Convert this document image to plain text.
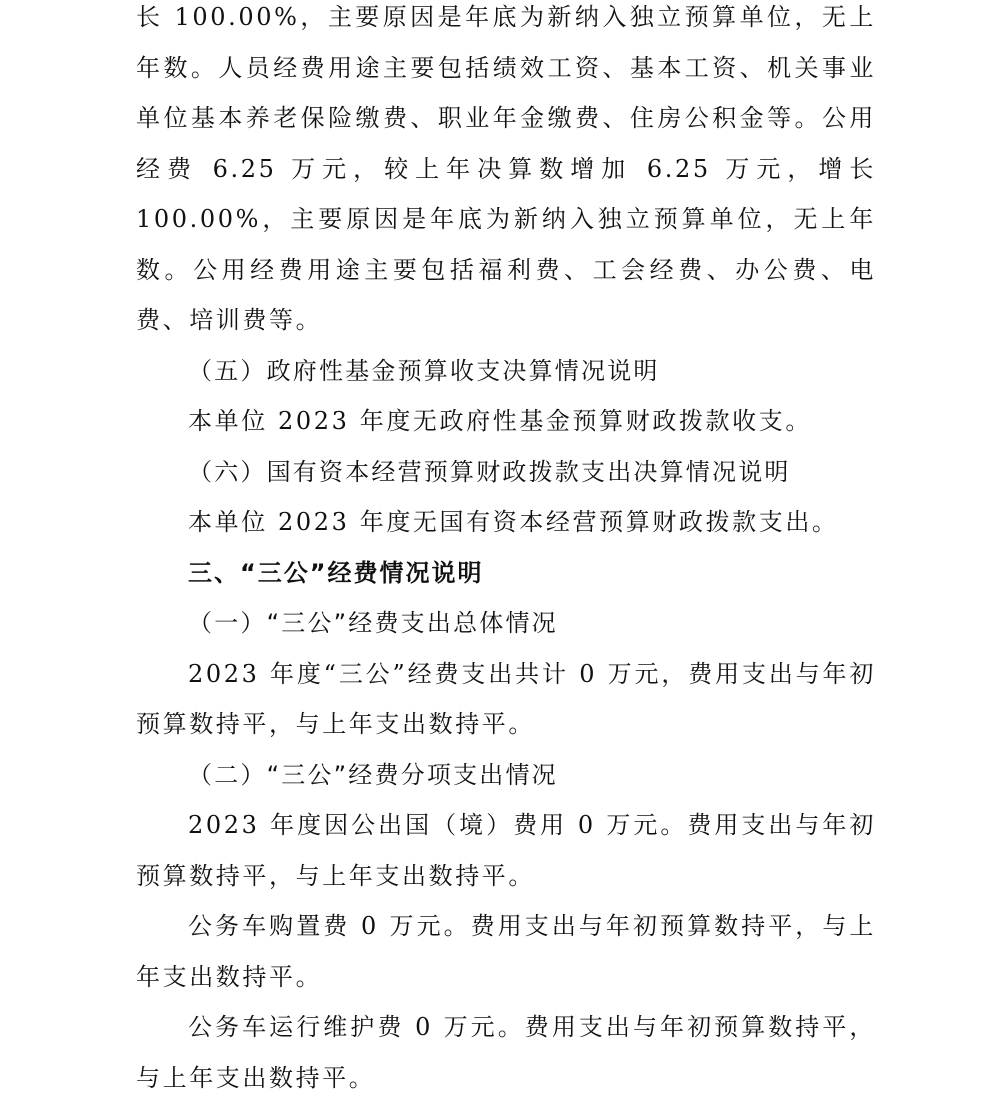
长 100.00%，主要原因是年底为新纳入独立预算单位，无上年数。人员经费用途主要包括绩效工资、基本工资、机关事业单位基本养老保险缴费、职业年金缴费、住房公积金等。公用经费 6.25 万元，较上年决算数增加 6.25 万元，增长 100.00%，主要原因是年底为新纳入独立预算单位，无上年数。公用经费用途主要包括福利费、工会经费、办公费、电费、培训费等。

（五）政府性基金预算收支决算情况说明

本单位 2023 年度无政府性基金预算财政拨款收支。

（六）国有资本经营预算财政拨款支出决算情况说明

本单位 2023 年度无国有资本经营预算财政拨款支出。

三、“三公”经费情况说明

（一）“三公”经费支出总体情况

2023 年度“三公”经费支出共计 0 万元，费用支出与年初预算数持平，与上年支出数持平。

（二）“三公”经费分项支出情况

2023 年度因公出国（境）费用 0 万元。费用支出与年初预算数持平，与上年支出数持平。

公务车购置费 0 万元。费用支出与年初预算数持平，与上年支出数持平。

公务车运行维护费 0 万元。费用支出与年初预算数持平，与上年支出数持平。
